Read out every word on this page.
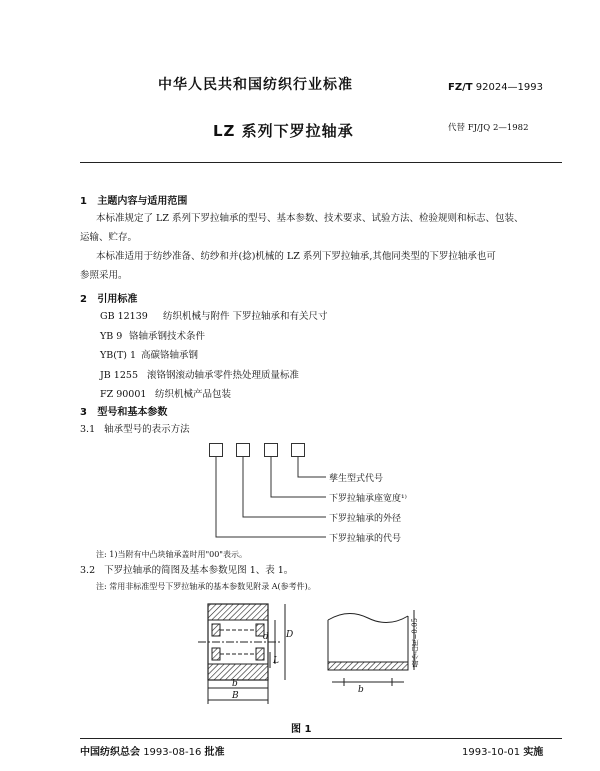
中华人民共和国纺织行业标准	FZ/T 92024—1993
LZ 系列下罗拉轴承	代替 FJ/JQ 2—1982
1 主题内容与适用范围
本标准规定了 LZ 系列下罗拉轴承的型号、基本参数、技术要求、试验方法、检验规则和标志、包装、
运输、贮存。
本标准适用于纺纱准备、纺纱和并(捻)机械的 LZ 系列下罗拉轴承,其他同类型的下罗拉轴承也可
参照采用。
2 引用标准
GB 12139 纺织机械与附件 下罗拉轴承和有关尺寸
YB 9 铬轴承钢技术条件
YB(T) 1 高碳铬轴承钢
JB 1255 滚铬钢滚动轴承零件热处理质量标准
FZ 90001 纺织机械产品包装
3 型号和基本参数
3.1 轴承型号的表示方法
孳生型式代号
下罗拉轴承座宽度¹⁾
下罗拉轴承的外径
下罗拉轴承的代号
注: 1)当附有中凸块轴承盖时用"00"表示。
3.2 下罗拉轴承的简图及基本参数见图 1、表 1。
注: 常用非标准型号下罗拉轴承的基本参数见附录 A(参考件)。
d D
L
b
B
b
最小凸度=0.05
图 1
中国纺织总会 1993-08-16 批准	1993-10-01 实施
